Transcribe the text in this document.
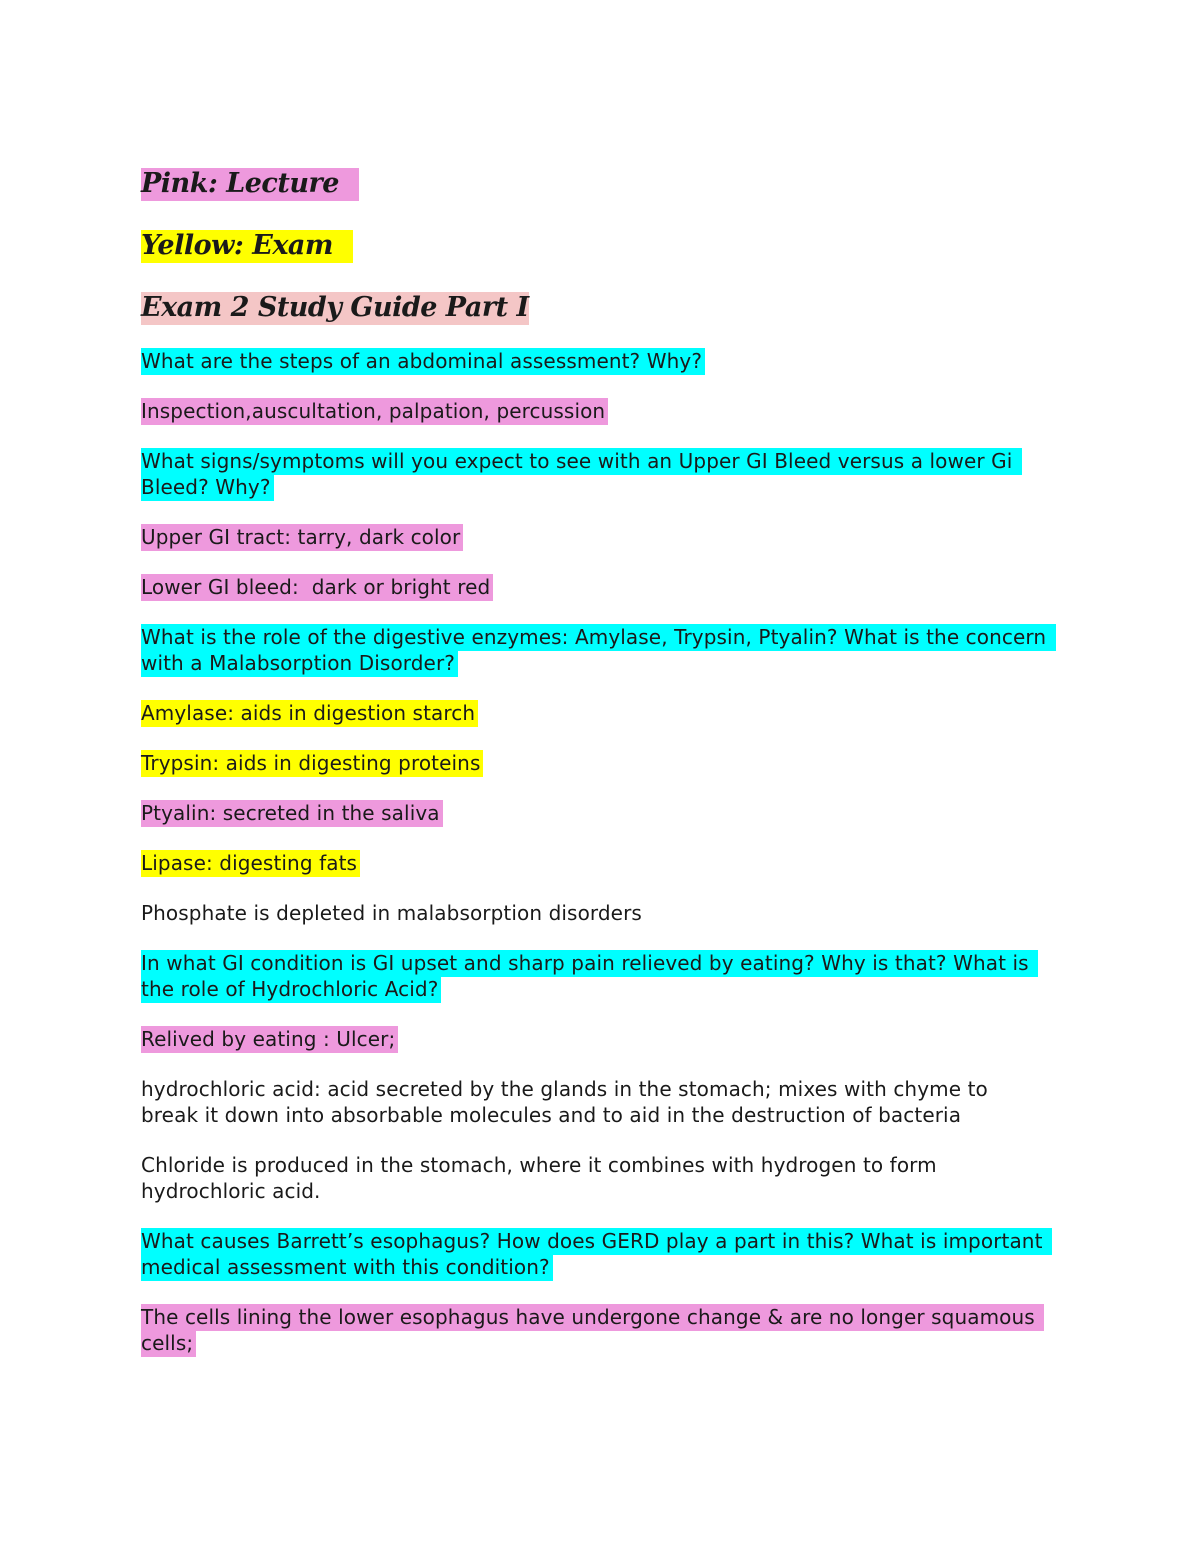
Pink: Lecture

Yellow: Exam

Exam 2 Study Guide Part I

What are the steps of an abdominal assessment? Why?

Inspection,auscultation, palpation, percussion

What signs/symptoms will you expect to see with an Upper GI Bleed versus a lower Gi Bleed? Why?

Upper GI tract: tarry, dark color

Lower GI bleed:  dark or bright red

What is the role of the digestive enzymes: Amylase, Trypsin, Ptyalin? What is the concern with a Malabsorption Disorder?

Amylase: aids in digestion starch

Trypsin: aids in digesting proteins

Ptyalin: secreted in the saliva

Lipase: digesting fats

Phosphate is depleted in malabsorption disorders

In what GI condition is GI upset and sharp pain relieved by eating? Why is that? What is the role of Hydrochloric Acid?

Relived by eating : Ulcer;

hydrochloric acid: acid secreted by the glands in the stomach; mixes with chyme to break it down into absorbable molecules and to aid in the destruction of bacteria

Chloride is produced in the stomach, where it combines with hydrogen to form hydrochloric acid.

What causes Barrett’s esophagus? How does GERD play a part in this? What is important medical assessment with this condition?

The cells lining the lower esophagus have undergone change & are no longer squamous cells;
